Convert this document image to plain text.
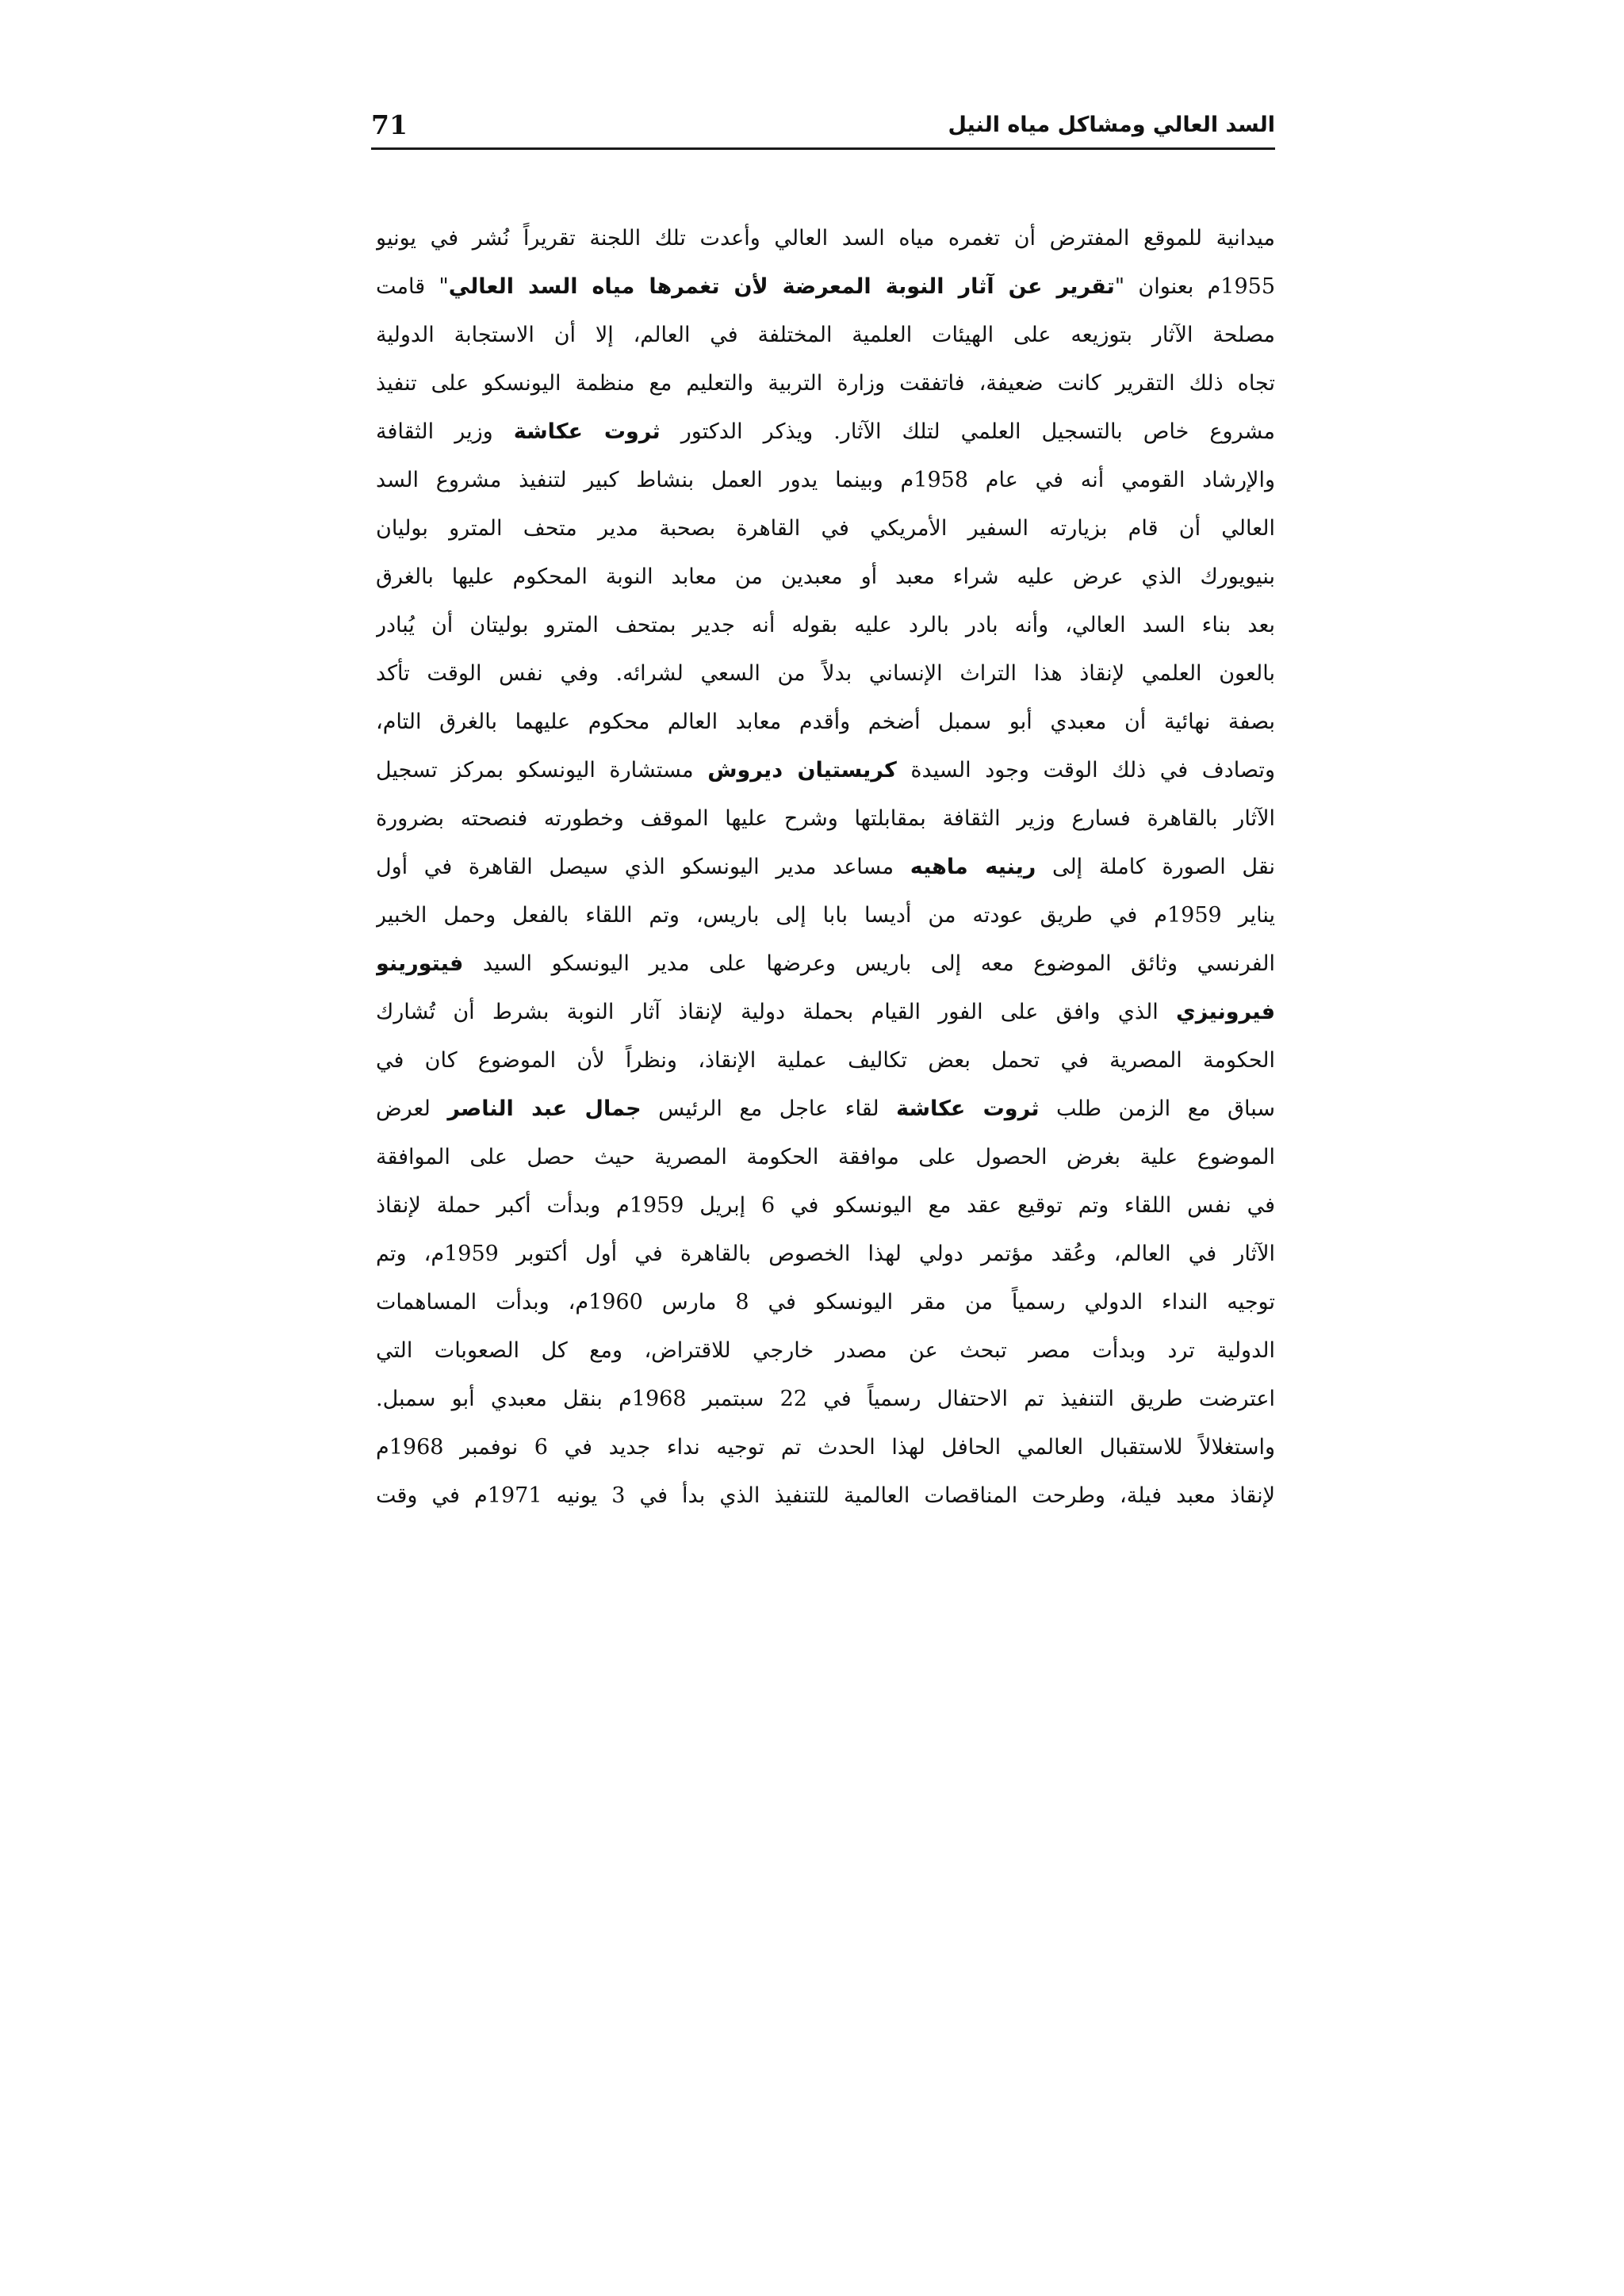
السد العالي ومشاكل مياه النيل
71
ميدانية للموقع المفترض أن تغمره مياه السد العالي وأعدت تلك اللجنة تقريراً نُشر في يونيو
1955م بعنوان "تقرير عن آثار النوبة المعرضة لأن تغمرها مياه السد العالي" قامت
مصلحة الآثار بتوزيعه على الهيئات العلمية المختلفة في العالم، إلا أن الاستجابة الدولية
تجاه ذلك التقرير كانت ضعيفة، فاتفقت وزارة التربية والتعليم مع منظمة اليونسكو على تنفيذ
مشروع خاص بالتسجيل العلمي لتلك الآثار. ويذكر الدكتور ثروت عكاشة وزير الثقافة
والإرشاد القومي أنه في عام 1958م وبينما يدور العمل بنشاط كبير لتنفيذ مشروع السد
العالي أن قام بزيارته السفير الأمريكي في القاهرة بصحبة مدير متحف المترو بوليان
بنيويورك الذي عرض عليه شراء معبد أو معبدين من معابد النوبة المحكوم عليها بالغرق
بعد بناء السد العالي، وأنه بادر بالرد عليه بقوله أنه جدير بمتحف المترو بوليتان أن يُبادر
بالعون العلمي لإنقاذ هذا التراث الإنساني بدلاً من السعي لشرائه. وفي نفس الوقت تأكد
بصفة نهائية أن معبدي أبو سمبل أضخم وأقدم معابد العالم محكوم عليهما بالغرق التام،
وتصادف في ذلك الوقت وجود السيدة كريستيان ديروش مستشارة اليونسكو بمركز تسجيل
الآثار بالقاهرة فسارع وزير الثقافة بمقابلتها وشرح عليها الموقف وخطورته فنصحته بضرورة
نقل الصورة كاملة إلى رينيه ماهيه مساعد مدير اليونسكو الذي سيصل القاهرة في أول
يناير 1959م في طريق عودته من أديسا بابا إلى باريس، وتم اللقاء بالفعل وحمل الخبير
الفرنسي وثائق الموضوع معه إلى باريس وعرضها على مدير اليونسكو السيد فيتورينو
فيرونيزي الذي وافق على الفور القيام بحملة دولية لإنقاذ آثار النوبة بشرط أن تُشارك
الحكومة المصرية في تحمل بعض تكاليف عملية الإنقاذ، ونظراً لأن الموضوع كان في
سباق مع الزمن طلب ثروت عكاشة لقاء عاجل مع الرئيس جمال عبد الناصر لعرض
الموضوع علية بغرض الحصول على موافقة الحكومة المصرية حيث حصل على الموافقة
في نفس اللقاء وتم توقيع عقد مع اليونسكو في 6 إبريل 1959م وبدأت أكبر حملة لإنقاذ
الآثار في العالم، وعُقد مؤتمر دولي لهذا الخصوص بالقاهرة في أول أكتوبر 1959م، وتم
توجيه النداء الدولي رسمياً من مقر اليونسكو في 8 مارس 1960م، وبدأت المساهمات
الدولية ترد وبدأت مصر تبحث عن مصدر خارجي للاقتراض، ومع كل الصعوبات التي
اعترضت طريق التنفيذ تم الاحتفال رسمياً في 22 سبتمبر 1968م بنقل معبدي أبو سمبل.
واستغلالاً للاستقبال العالمي الحافل لهذا الحدث تم توجيه نداء جديد في 6 نوفمبر 1968م
لإنقاذ معبد فيلة، وطرحت المناقصات العالمية للتنفيذ الذي بدأ في 3 يونيه 1971م في وقت
